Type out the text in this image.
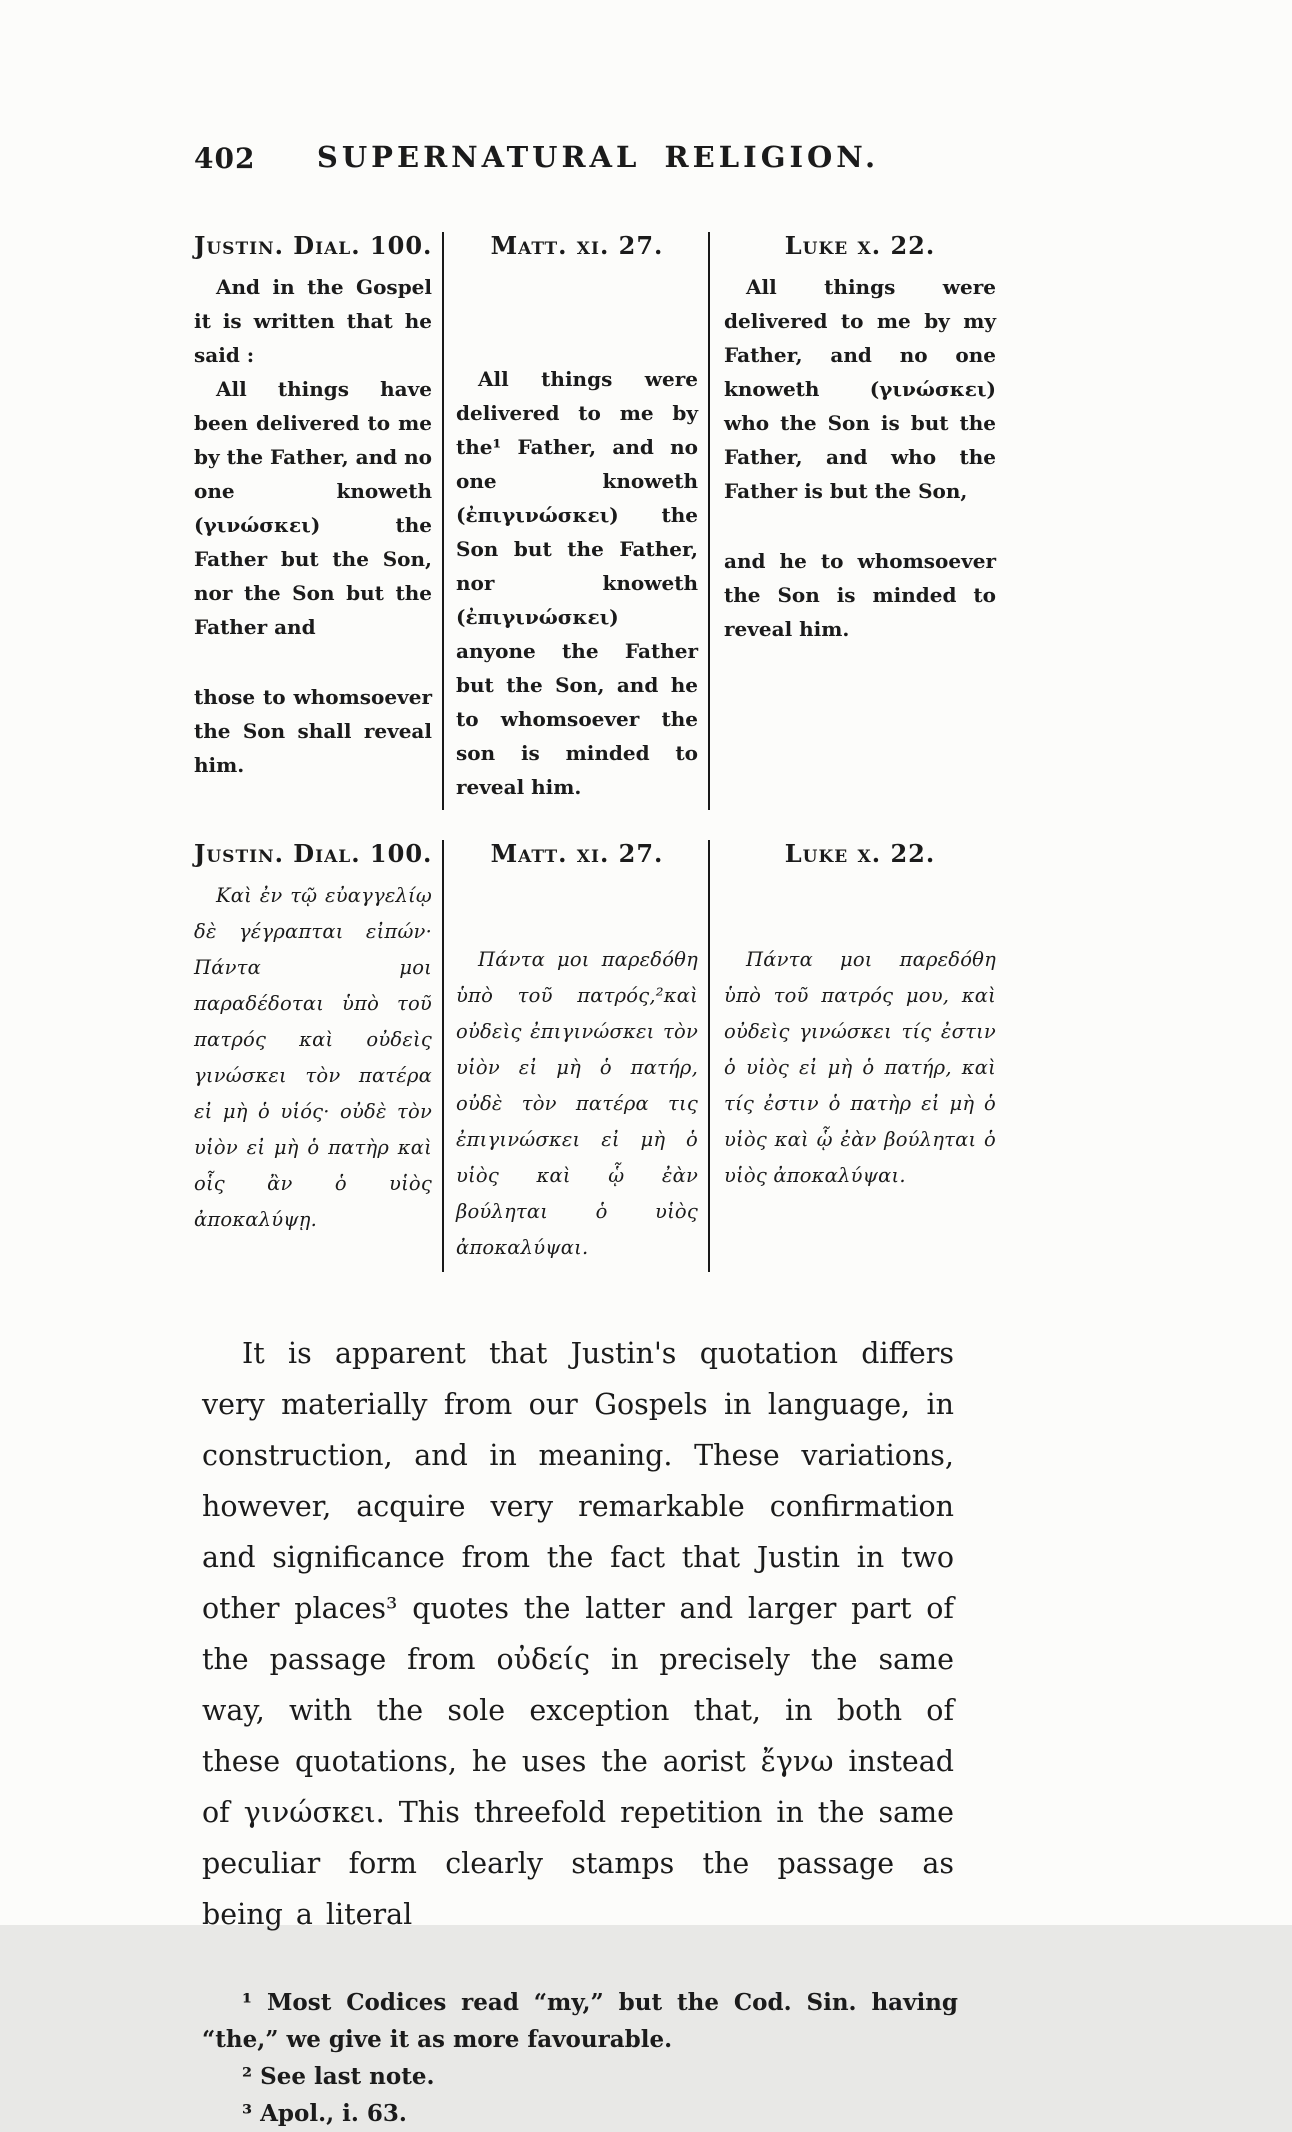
402	SUPERNATURAL RELIGION.
Justin. Dial. 100.

And in the Gospel it is written that he said :

All things have been delivered to me by the Father, and no one knoweth (γινώσκει) the Father but the Son, nor the Son but the Father and

those to whomsoever the Son shall reveal him.

Matt. xi. 27.

All things were delivered to me by the¹ Father, and no one knoweth (ἐπιγινώσκει) the Son but the Father, nor knoweth (ἐπιγινώσκει) anyone the Father but the Son, and he to whomsoever the son is minded to reveal him.

Luke x. 22.

All things were delivered to me by my Father, and no one knoweth (γινώσκει) who the Son is but the Father, and who the Father is but the Son,

and he to whomsoever the Son is minded to reveal him.

Justin. Dial. 100.

Καὶ ἐν τῷ εὐαγγελίῳ δὲ γέγραπται εἰπών· Πάντα μοι παραδέδοται ὑπὸ τοῦ πατρός καὶ οὐδεὶς γινώσκει τὸν πατέρα εἰ μὴ ὁ υἱός· οὐδὲ τὸν υἱὸν εἰ μὴ ὁ πατὴρ καὶ οἷς ἂν ὁ υἱὸς ἀποκαλύψῃ.

Matt. xi. 27.

Πάντα μοι παρεδόθη ὑπὸ τοῦ πατρός,²καὶ οὐδεὶς ἐπιγινώσκει τὸν υἱὸν εἰ μὴ ὁ πατήρ, οὐδὲ τὸν πατέρα τις ἐπιγινώσκει εἰ μὴ ὁ υἱὸς καὶ ᾧ ἐὰν βούληται ὁ υἱὸς ἀποκαλύψαι.

Luke x. 22.

Πάντα μοι παρεδόθη ὑπὸ τοῦ πατρός μου, καὶ οὐδεὶς γινώσκει τίς ἐστιν ὁ υἱὸς εἰ μὴ ὁ πατήρ, καὶ τίς ἐστιν ὁ πατὴρ εἰ μὴ ὁ υἱὸς καὶ ᾧ ἐὰν βούληται ὁ υἱὸς ἀποκαλύψαι.

It is apparent that Justin's quotation differs very materially from our Gospels in language, in construction, and in meaning. These variations, however, acquire very remarkable confirmation and significance from the fact that Justin in two other places³ quotes the latter and larger part of the passage from οὐδείς in precisely the same way, with the sole exception that, in both of these quotations, he uses the aorist ἔγνω instead of γινώσκει. This threefold repetition in the same peculiar form clearly stamps the passage as being a literal

¹ Most Codices read “my,” but the Cod. Sin. having “the,” we give it as more favourable.

² See last note.

³ Apol., i. 63.
